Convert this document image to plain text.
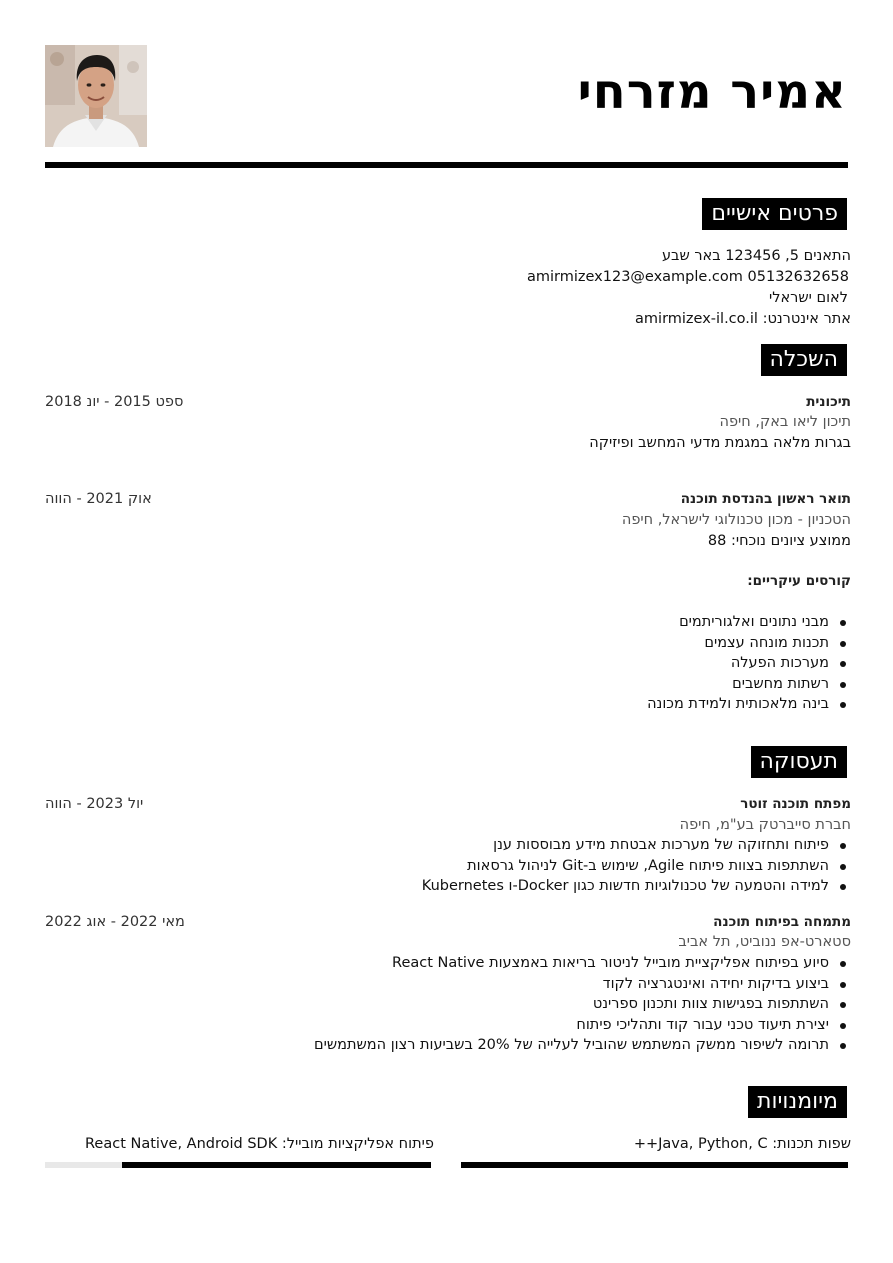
אמיר מזרחי
פרטים אישיים
התאנים 5, 123456 באר שבע
amirmizex123@example.com 05132632658
לאום ישראלי
אתר אינטרנט: amirmizex-il.co.il
השכלה
תיכונית
ספט 2015 - יונ 2018
תיכון ליאו באק, חיפה
בגרות מלאה במגמת מדעי המחשב ופיזיקה
תואר ראשון בהנדסת תוכנה
אוק 2021 - הווה
הטכניון - מכון טכנולוגי לישראל, חיפה
ממוצע ציונים נוכחי: 88
קורסים עיקריים:
מבני נתונים ואלגוריתמים
תכנות מונחה עצמים
מערכות הפעלה
רשתות מחשבים
בינה מלאכותית ולמידת מכונה
תעסוקה
מפתח תוכנה זוטר
יול 2023 - הווה
חברת סייברטק בע"מ, חיפה
פיתוח ותחזוקה של מערכות אבטחת מידע מבוססות ענן
השתתפות בצוות פיתוח Agile, שימוש ב-Git לניהול גרסאות
למידה והטמעה של טכנולוגיות חדשות כגון Docker-ו Kubernetes
מתמחה בפיתוח תוכנה
מאי 2022 - אוג 2022
סטארט-אפ ננוביט, תל אביב
סיוע בפיתוח אפליקציית מובייל לניטור בריאות באמצעות React Native
ביצוע בדיקות יחידה ואינטגרציה לקוד
השתתפות בפגישות צוות ותכנון ספרינט
יצירת תיעוד טכני עבור קוד ותהליכי פיתוח
תרומה לשיפור ממשק המשתמש שהוביל לעלייה של 20% בשביעות רצון המשתמשים
מיומנויות
שפות תכנות: Java, Python, C++
פיתוח אפליקציות מובייל: React Native, Android SDK
